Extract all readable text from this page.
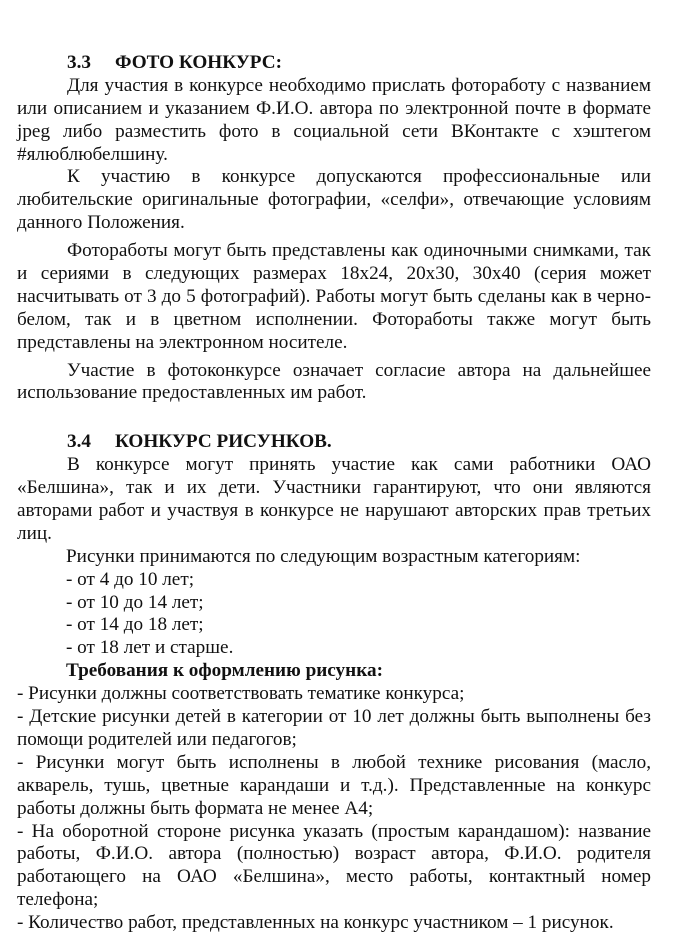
3.3 ФОТО КОНКУРС:
Для участия в конкурсе необходимо прислать фотоработу с названием
или описанием и указанием Ф.И.О. автора по электронной почте в формате
jpeg либо разместить фото в социальной сети ВКонтакте с хэштегом
#ялюблюбелшину.
К участию в конкурсе допускаются профессиональные или
любительские оригинальные фотографии, «селфи», отвечающие условиям
данного Положения.
Фотоработы могут быть представлены как одиночными снимками, так
и сериями в следующих размерах 18х24, 20х30, 30х40 (серия может
насчитывать от 3 до 5 фотографий). Работы могут быть сделаны как в черно-
белом, так и в цветном исполнении. Фотоработы также могут быть
представлены на электронном носителе.
Участие в фотоконкурсе означает согласие автора на дальнейшее
использование предоставленных им работ.
3.4 КОНКУРС РИСУНКОВ.
В конкурсе могут принять участие как сами работники ОАО
«Белшина», так и их дети. Участники гарантируют, что они являются
авторами работ и участвуя в конкурсе не нарушают авторских прав третьих
лиц.
Рисунки принимаются по следующим возрастным категориям:
- от 4 до 10 лет;
- от 10 до 14 лет;
- от 14 до 18 лет;
- от 18 лет и старше.
Требования к оформлению рисунка:
- Рисунки должны соответствовать тематике конкурса;
- Детские рисунки детей в категории от 10 лет должны быть выполнены без
помощи родителей или педагогов;
- Рисунки могут быть исполнены в любой технике рисования (масло,
акварель, тушь, цветные карандаши и т.д.). Представленные на конкурс
работы должны быть формата не менее А4;
- На оборотной стороне рисунка указать (простым карандашом): название
работы, Ф.И.О. автора (полностью) возраст автора, Ф.И.О. родителя
работающего на ОАО «Белшина», место работы, контактный номер
телефона;
- Количество работ, представленных на конкурс участником – 1 рисунок.
